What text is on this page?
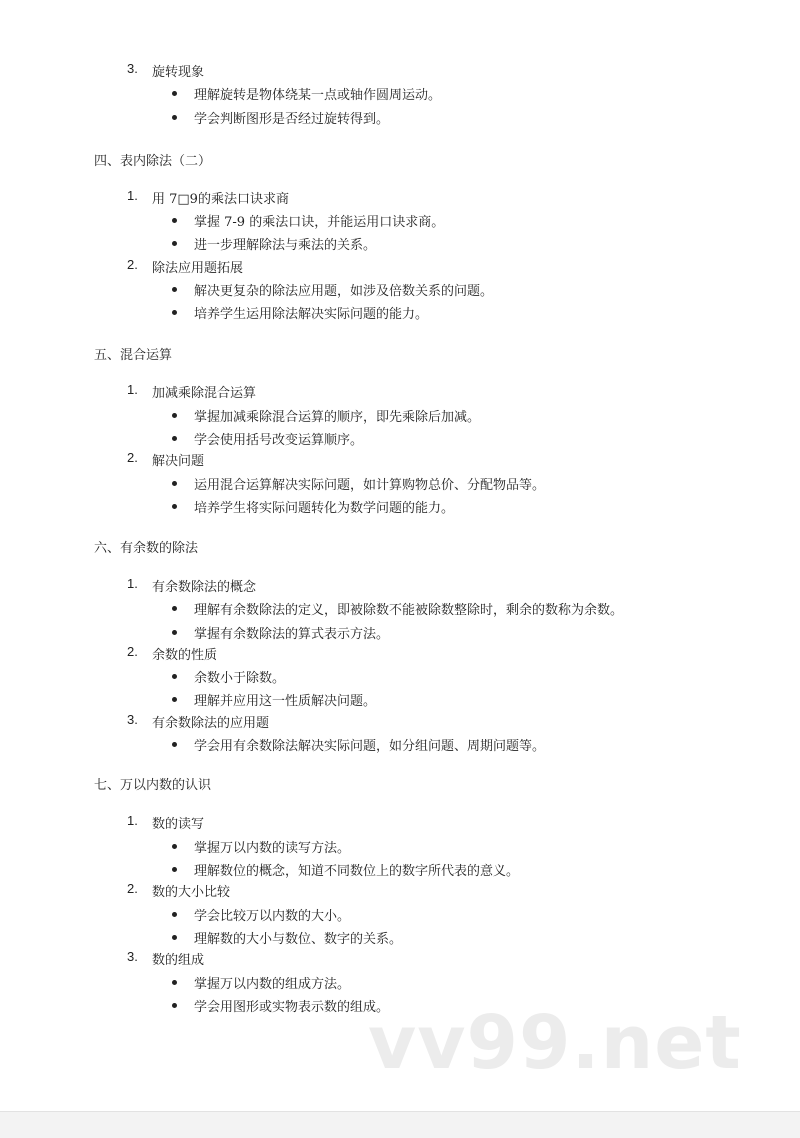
3. 旋转现象
理解旋转是物体绕某一点或轴作圆周运动。
学会判断图形是否经过旋转得到。
四、表内除法（二）
1. 用 7□9的乘法口诀求商
掌握 7-9 的乘法口诀，并能运用口诀求商。
进一步理解除法与乘法的关系。
2. 除法应用题拓展
解决更复杂的除法应用题，如涉及倍数关系的问题。
培养学生运用除法解决实际问题的能力。
五、混合运算
1. 加减乘除混合运算
掌握加减乘除混合运算的顺序，即先乘除后加减。
学会使用括号改变运算顺序。
2. 解决问题
运用混合运算解决实际问题，如计算购物总价、分配物品等。
培养学生将实际问题转化为数学问题的能力。
六、有余数的除法
1. 有余数除法的概念
理解有余数除法的定义，即被除数不能被除数整除时，剩余的数称为余数。
掌握有余数除法的算式表示方法。
2. 余数的性质
余数小于除数。
理解并应用这一性质解决问题。
3. 有余数除法的应用题
学会用有余数除法解决实际问题，如分组问题、周期问题等。
七、万以内数的认识
1. 数的读写
掌握万以内数的读写方法。
理解数位的概念，知道不同数位上的数字所代表的意义。
2. 数的大小比较
学会比较万以内数的大小。
理解数的大小与数位、数字的关系。
3. 数的组成
掌握万以内数的组成方法。
学会用图形或实物表示数的组成。
vv99.net
